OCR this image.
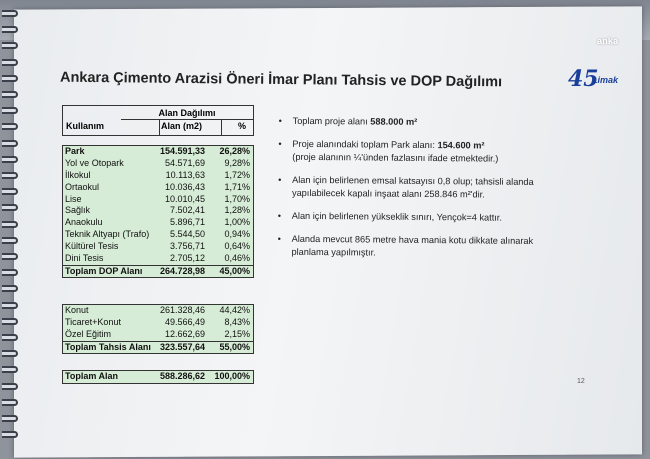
anka
45
Limak
Ankara Çimento Arazisi Öneri İmar Planı Tahsis ve DOP Dağılımı
Alan Dağılımı
Kullanım	Alan (m2)	%
Park	154.591,33 26,28%
Yol ve Otopark	54.571,69 9,28%
İlkokul	10.113,63 1,72%
Ortaokul	10.036,43 1,71%
Lise	10.010,45 1,70%
Sağlık	7.502,41 1,28%
Anaokulu	5.896,71 1,00%
Teknik Altyapı (Trafo) 5.544,50 0,94%
Kültürel Tesis	3.756,71 0,64%
Dini Tesis	2.705,12 0,46%
Toplam DOP Alanı 264.728,98 45,00%
Konut	261.328,46 44,42%
Ticaret+Konut	49.566,49 8,43%
Özel Eğitim	12.662,69 2,15%
Toplam Tahsis Alanı 323.557,64 55,00%
Toplam Alan	588.286,62 100,00%
• Toplam proje alanı 588.000 m²
• Proje alanındaki toplam Park alanı: 154.600 m²
(proje alanının ¼'ünden fazlasını ifade etmektedir.)
• Alan için belirlenen emsal katsayısı 0,8 olup; tahsisli alanda
yapılabilecek kapalı inşaat alanı 258.846 m²'dir.
• Alan için belirlenen yükseklik sınırı, Yençok=4 kattır.
• Alanda mevcut 865 metre hava mania kotu dikkate alınarak
planlama yapılmıştır.
12
